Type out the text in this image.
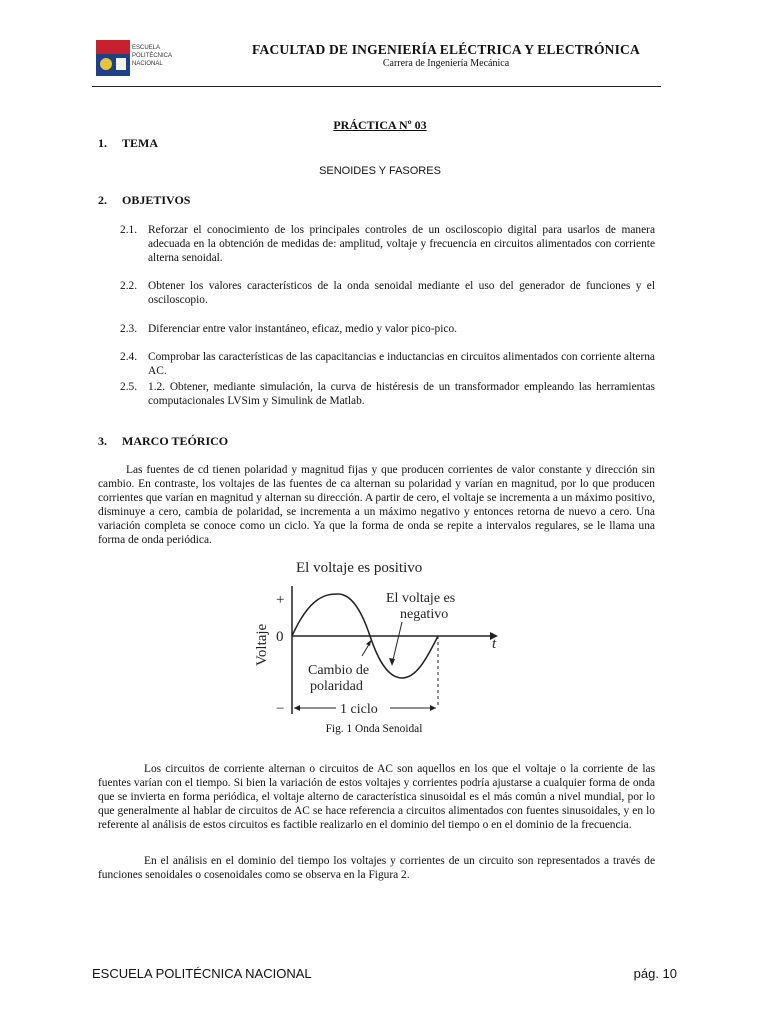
ESCUELA
POLITÉCNICA
NACIONAL
FACULTAD DE INGENIERÍA ELÉCTRICA Y ELECTRÓNICA
Carrera de Ingeniería Mecánica
PRÁCTICA Nº 03
1.	TEMA
SENOIDES Y FASORES
2.	OBJETIVOS
2.1. Reforzar el conocimiento de los principales controles de un osciloscopio digital para usarlos de manera adecuada en la obtención de medidas de: amplitud, voltaje y frecuencia en circuitos alimentados con corriente alterna senoidal.
2.2. Obtener los valores característicos de la onda senoidal mediante el uso del generador de funciones y el osciloscopio.
2.3. Diferenciar entre valor instantáneo, eficaz, medio y valor pico-pico.
2.4. Comprobar las características de las capacitancias e inductancias en circuitos alimentados con corriente alterna AC.
2.5. 1.2. Obtener, mediante simulación, la curva de histéresis de un transformador empleando las herramientas computacionales LVSim y Simulink de Matlab.
3.	MARCO TEÓRICO
Las fuentes de cd tienen polaridad y magnitud fijas y que producen corrientes de valor constante y dirección sin cambio. En contraste, los voltajes de las fuentes de ca alternan su polaridad y varían en magnitud, por lo que producen corrientes que varían en magnitud y alternan su dirección. A partir de cero, el voltaje se incrementa a un máximo positivo, disminuye a cero, cambia de polaridad, se incrementa a un máximo negativo y entonces retorna de nuevo a cero. Una variación completa se conoce como un ciclo. Ya que la forma de onda se repite a intervalos regulares, se le llama una forma de onda periódica.
El voltaje es positivo
El voltaje es
negativo
Cambio de
polaridad
1 ciclo
Voltaje	t
+
0
−
Fig. 1 Onda Senoidal
Los circuitos de corriente alternan o circuitos de AC son aquellos en los que el voltaje o la corriente de las fuentes varían con el tiempo. Si bien la variación de estos voltajes y corrientes podría ajustarse a cualquier forma de onda que se invierta en forma periódica, el voltaje alterno de característica sinusoidal es el más común a nivel mundial, por lo que generalmente al hablar de circuitos de AC se hace referencia a circuitos alimentados con fuentes sinusoidales, y en lo referente al análisis de estos circuitos es factible realizarlo en el dominio del tiempo o en el dominio de la frecuencia.
En el análisis en el dominio del tiempo los voltajes y corrientes de un circuito son representados a través de funciones senoidales o cosenoidales como se observa en la Figura 2.
ESCUELA POLITÉCNICA NACIONAL	pág. 10
